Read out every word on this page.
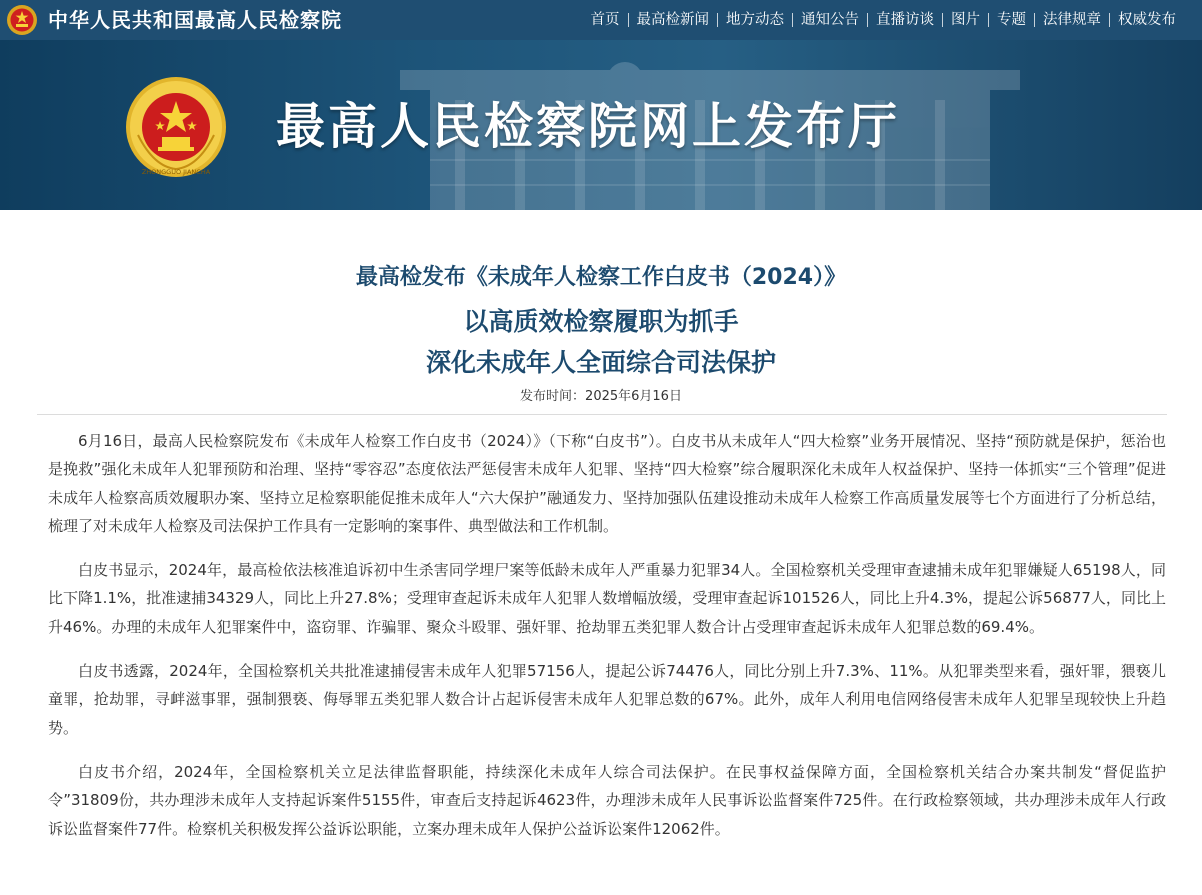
中华人民共和国最高人民检察院	首页	最高检新闻	地方动态	通知公告	直播访谈	图片	专题	法律规章	权威发布
ZHONGGUO JIANCHA
最高人民检察院网上发布厅
最高检发布《未成年人检察工作白皮书（2024）》
以高质效检察履职为抓手
深化未成年人全面综合司法保护
发布时间：2025年6月16日

6月16日，最高人民检察院发布《未成年人检察工作白皮书（2024）》（下称“白皮书”）。白皮书从未成年人“四大检察”业务开展情况、坚持“预防就是保护，惩治也是挽救”强化未成年人犯罪预防和治理、坚持“零容忍”态度依法严惩侵害未成年人犯罪、坚持“四大检察”综合履职深化未成年人权益保护、坚持一体抓实“三个管理”促进未成年人检察高质效履职办案、坚持立足检察职能促推未成年人“六大保护”融通发力、坚持加强队伍建设推动未成年人检察工作高质量发展等七个方面进行了分析总结，梳理了对未成年人检察及司法保护工作具有一定影响的案事件、典型做法和工作机制。

白皮书显示，2024年，最高检依法核准追诉初中生杀害同学埋尸案等低龄未成年人严重暴力犯罪34人。全国检察机关受理审查逮捕未成年犯罪嫌疑人65198人，同比下降1.1%，批准逮捕34329人，同比上升27.8%；受理审查起诉未成年人犯罪人数增幅放缓，受理审查起诉101526人，同比上升4.3%，提起公诉56877人，同比上升46%。办理的未成年人犯罪案件中，盗窃罪、诈骗罪、聚众斗殴罪、强奸罪、抢劫罪五类犯罪人数合计占受理审查起诉未成年人犯罪总数的69.4%。

白皮书透露，2024年，全国检察机关共批准逮捕侵害未成年人犯罪57156人，提起公诉74476人，同比分别上升7.3%、11%。从犯罪类型来看，强奸罪，猥亵儿童罪，抢劫罪，寻衅滋事罪，强制猥亵、侮辱罪五类犯罪人数合计占起诉侵害未成年人犯罪总数的67%。此外，成年人利用电信网络侵害未成年人犯罪呈现较快上升趋势。

白皮书介绍，2024年，全国检察机关立足法律监督职能，持续深化未成年人综合司法保护。在民事权益保障方面，全国检察机关结合办案共制发“督促监护令”31809份，共办理涉未成年人支持起诉案件5155件，审查后支持起诉4623件，办理涉未成年人民事诉讼监督案件725件。在行政检察领域，共办理涉未成年人行政诉讼监督案件77件。检察机关积极发挥公益诉讼职能，立案办理未成年人保护公益诉讼案件12062件。
